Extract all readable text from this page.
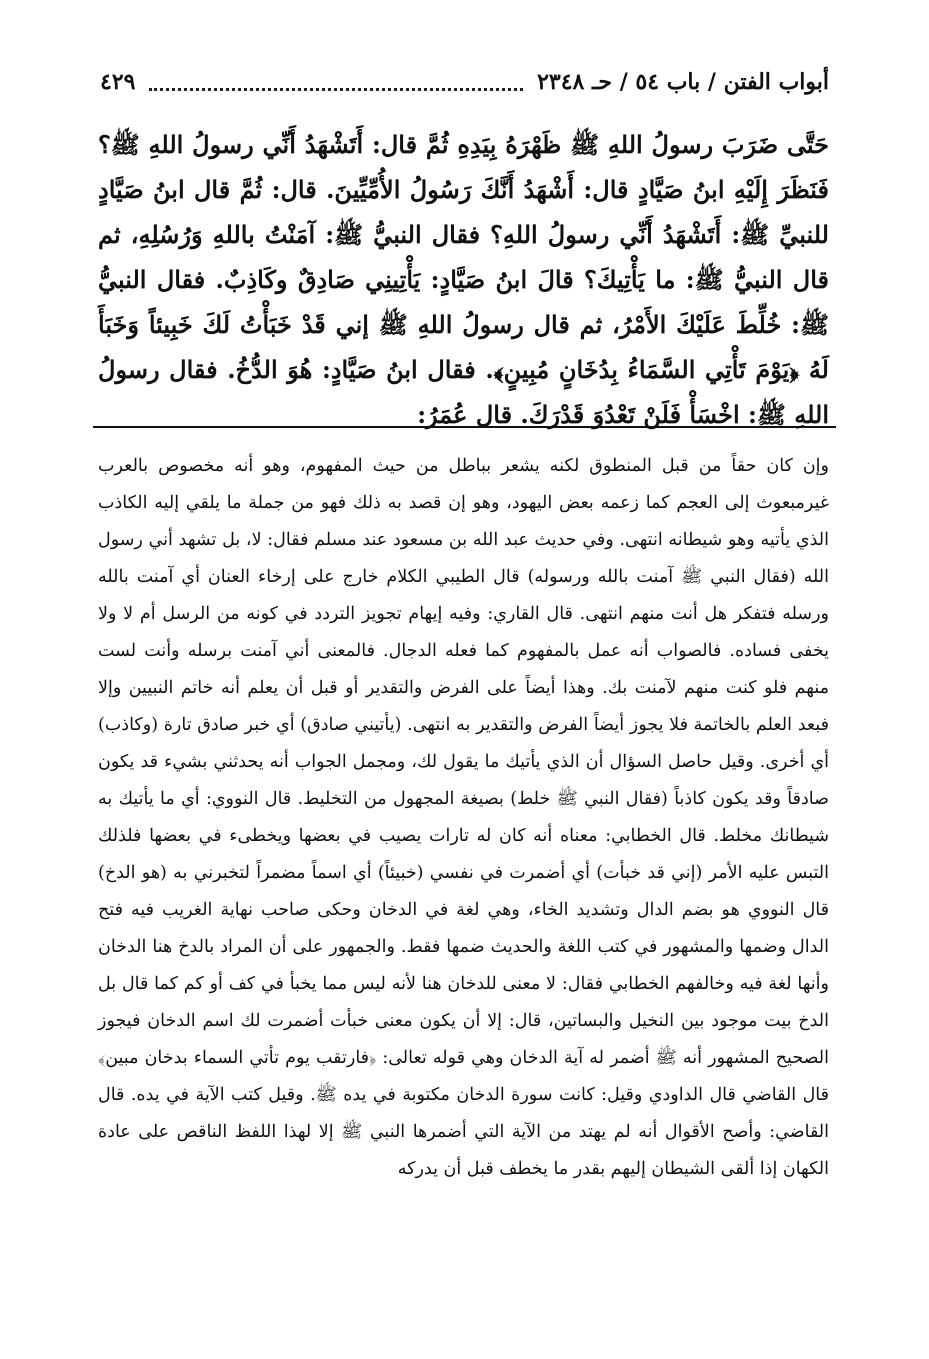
أبواب الفتن / باب ٥٤ / حـ ٢٣٤٨
٤٢٩

حَتَّى ضَرَبَ رسولُ اللهِ ﷺ ظَهْرَهُ بِيَدِهِ ثُمَّ قال: أَتَشْهَدُ أَنِّي رسولُ اللهِ ﷺ؟ فَنَظَرَ إِلَيْهِ ابنُ صَيَّادٍ قال: أَشْهَدُ أَنَّكَ رَسُولُ الأُمِّيِّينَ. قال: ثُمَّ قال ابنُ صَيَّادٍ للنبيِّ ﷺ: أَتَشْهَدُ أَنِّي رسولُ اللهِ؟ فقال النبيُّ ﷺ: آمَنْتُ باللهِ وَرُسُلِهِ، ثم قال النبيُّ ﷺ: ما يَأْتِيكَ؟ قالَ ابنُ صَيَّادٍ: يَأْتِينِي صَادِقٌ وكَاذِبٌ. فقال النبيُّ ﷺ: خُلِّطَ عَلَيْكَ الأَمْرُ، ثم قال رسولُ اللهِ ﷺ إني قَدْ خَبَأْتُ لَكَ خَبِيئاً وَخَبَأَ لَهُ ﴿يَوْمَ تَأْتِي السَّمَاءُ بِدُخَانٍ مُبِينٍ﴾. فقال ابنُ صَيَّادٍ: هُوَ الدُّخُ. فقال رسولُ اللهِ ﷺ: اخْسَأْ فَلَنْ تَعْدُوَ قَدْرَكَ. قال عُمَرُ:

وإن كان حقاً من قبل المنطوق لكنه يشعر بباطل من حيث المفهوم، وهو أنه مخصوص بالعرب غيرمبعوث إلى العجم كما زعمه بعض اليهود، وهو إن قصد به ذلك فهو من جملة ما يلقي إليه الكاذب الذي يأتيه وهو شيطانه انتهى. وفي حديث عبد الله بن مسعود عند مسلم فقال: لا، بل تشهد أني رسول الله (فقال النبي ﷺ آمنت بالله ورسوله) قال الطيبي الكلام خارج على إرخاء العنان أي آمنت بالله ورسله فتفكر هل أنت منهم انتهى. قال القاري: وفيه إيهام تجويز التردد في كونه من الرسل أم لا ولا يخفى فساده. فالصواب أنه عمل بالمفهوم كما فعله الدجال. فالمعنى أني آمنت برسله وأنت لست منهم فلو كنت منهم لآمنت بك. وهذا أيضاً على الفرض والتقدير أو قبل أن يعلم أنه خاتم النبيين وإلا فبعد العلم بالخاتمة فلا يجوز أيضاً الفرض والتقدير به انتهى. (يأتيني صادق) أي خبر صادق تارة (وكاذب) أي أخرى. وقيل حاصل السؤال أن الذي يأتيك ما يقول لك، ومجمل الجواب أنه يحدثني بشيء قد يكون صادقاً وقد يكون كاذباً (فقال النبي ﷺ خلط) بصيغة المجهول من التخليط. قال النووي: أي ما يأتيك به شيطانك مخلط. قال الخطابي: معناه أنه كان له تارات يصيب في بعضها ويخطىء في بعضها فلذلك التبس عليه الأمر (إني قد خبأت) أي أضمرت في نفسي (خبيئاً) أي اسماً مضمراً لتخبرني به (هو الدخ) قال النووي هو بضم الدال وتشديد الخاء، وهي لغة في الدخان وحكى صاحب نهاية الغريب فيه فتح الدال وضمها والمشهور في كتب اللغة والحديث ضمها فقط. والجمهور على أن المراد بالدخ هنا الدخان وأنها لغة فيه وخالفهم الخطابي فقال: لا معنى للدخان هنا لأنه ليس مما يخبأ في كف أو كم كما قال بل الدخ بيت موجود بين النخيل والبساتين، قال: إلا أن يكون معنى خبأت أضمرت لك اسم الدخان فيجوز الصحيح المشهور أنه ﷺ أضمر له آية الدخان وهي قوله تعالى: ﴿فارتقب يوم تأتي السماء بدخان مبين﴾ قال القاضي قال الداودي وقيل: كانت سورة الدخان مكتوبة في يده ﷺ. وقيل كتب الآية في يده. قال القاضي: وأصح الأقوال أنه لم يهتد من الآية التي أضمرها النبي ﷺ إلا لهذا اللفظ الناقص على عادة الكهان إذا ألقى الشيطان إليهم بقدر ما يخطف قبل أن يدركه
